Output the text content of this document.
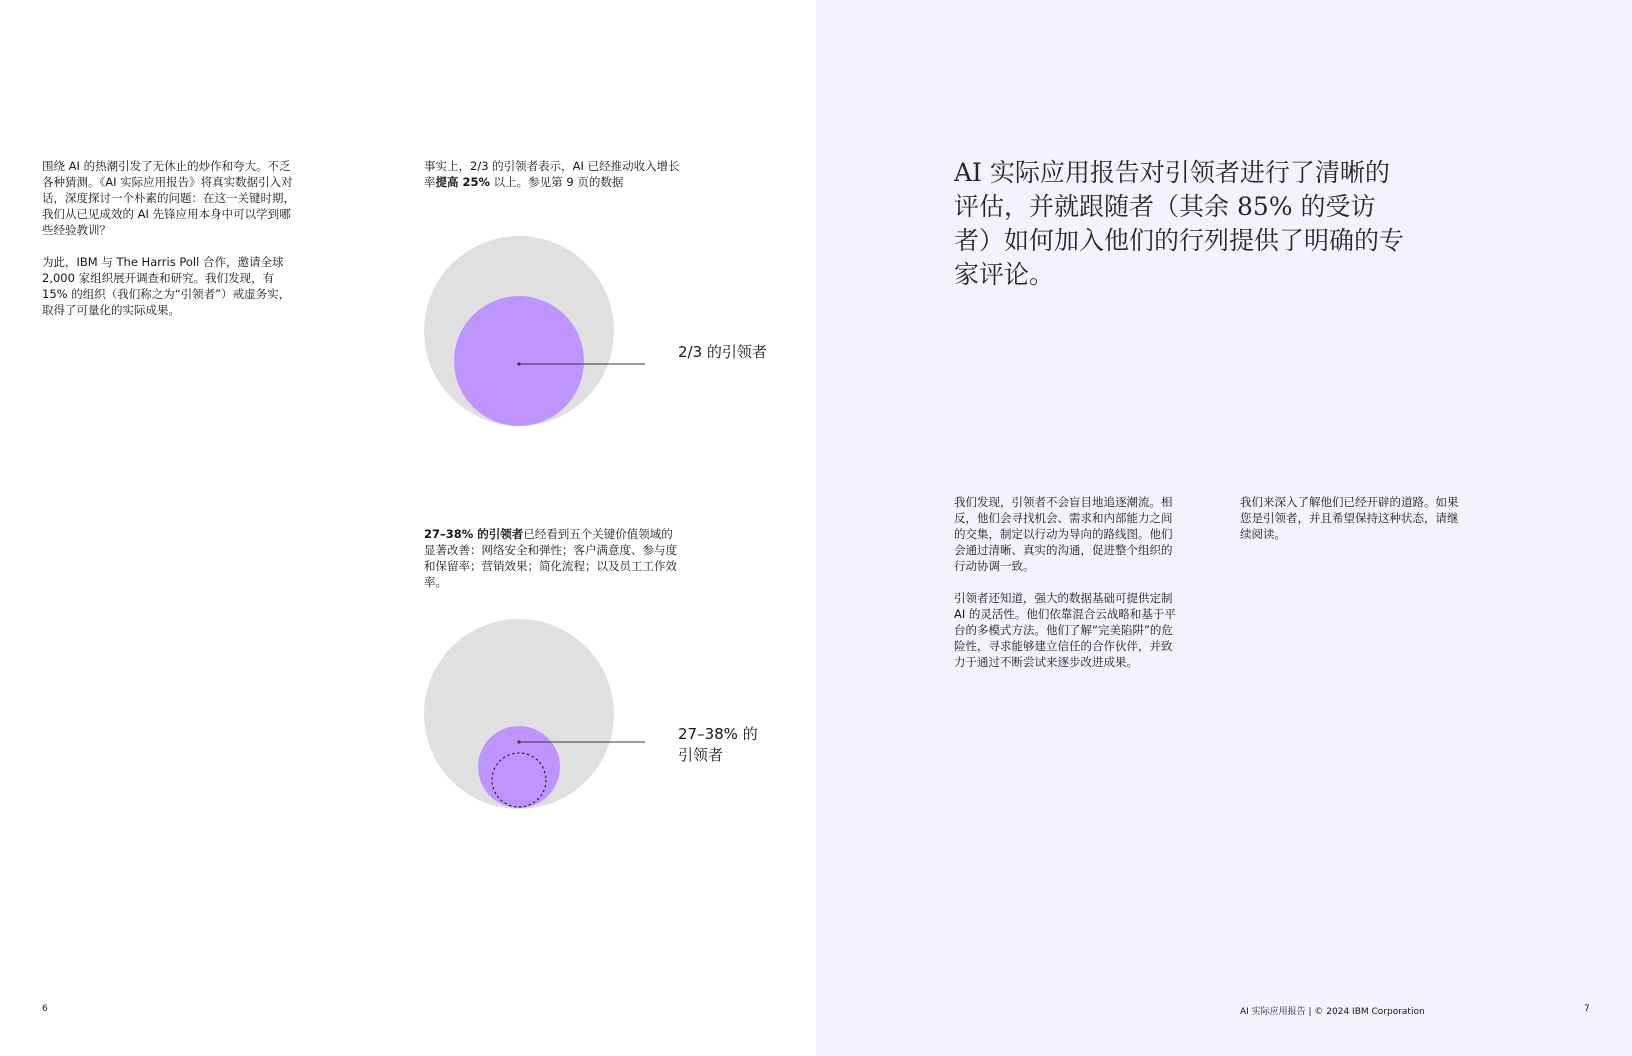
围绕 AI 的热潮引发了无休止的炒作和夸大。不乏各种猜测。《AI 实际应用报告》将真实数据引入对话，深度探讨一个朴素的问题：在这一关键时期，我们从已见成效的 AI 先锋应用本身中可以学到哪些经验教训？

为此，IBM 与 The Harris Poll 合作，邀请全球 2,000 家组织展开调查和研究。我们发现，有 15% 的组织（我们称之为“引领者”）戒虚务实，取得了可量化的实际成果。

事实上，2/3 的引领者表示，AI 已经推动收入增长率提高 25% 以上。参见第 9 页的数据
2/3 的引领者
27–38% 的引领者已经看到五个关键价值领域的显著改善：网络安全和弹性；客户满意度、参与度和保留率；营销效果；简化流程；以及员工工作效率。
27–38% 的
引领者
6

AI 实际应用报告对引领者进行了清晰的评估，并就跟随者（其余 85% 的受访者）如何加入他们的行列提供了明确的专家评论。

我们发现，引领者不会盲目地追逐潮流。相反，他们会寻找机会、需求和内部能力之间的交集，制定以行动为导向的路线图。他们会通过清晰、真实的沟通，促进整个组织的行动协调一致。

引领者还知道，强大的数据基础可提供定制 AI 的灵活性。他们依靠混合云战略和基于平台的多模式方法。他们了解“完美陷阱”的危险性，寻求能够建立信任的合作伙伴，并致力于通过不断尝试来逐步改进成果。

我们来深入了解他们已经开辟的道路。如果您是引领者，并且希望保持这种状态，请继续阅读。

AI 实际应用报告 | © 2024 IBM Corporation	7
